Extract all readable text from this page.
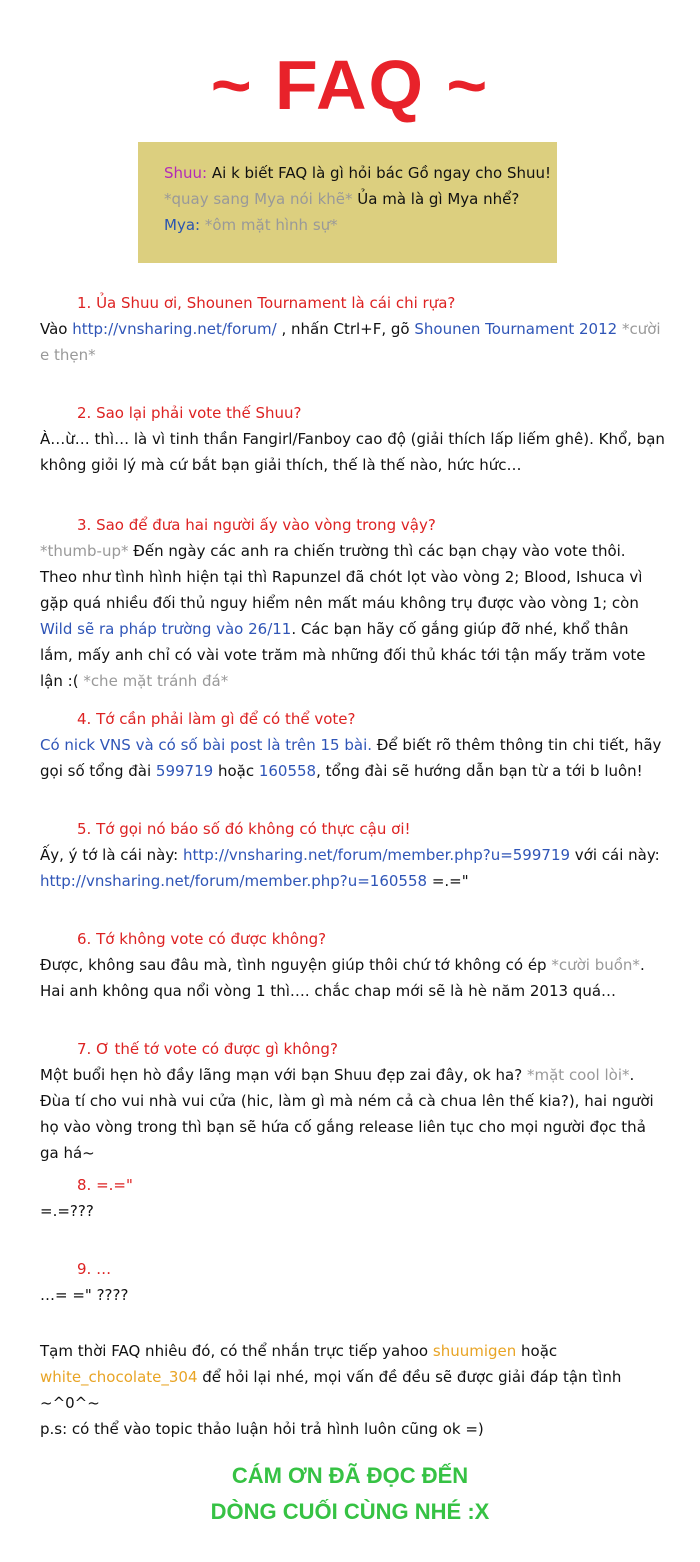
~ FAQ ~

Shuu: Ai k biết FAQ là gì hỏi bác Gồ ngay cho Shuu!

*quay sang Mya nói khẽ* Ủa mà là gì Mya nhể?

Mya: *ôm mặt hình sự*

1. Ủa Shuu ơi, Shounen Tournament là cái chi rựa?

Vào http://vnsharing.net/forum/ , nhấn Ctrl+F, gõ Shounen Tournament 2012 *cười e thẹn*

2. Sao lại phải vote thế Shuu?

À…ừ… thì… là vì tinh thần Fangirl/Fanboy cao độ (giải thích lấp liếm ghê). Khổ, bạn không giỏi lý mà cứ bắt bạn giải thích, thế là thế nào, hức hức…

3. Sao để đưa hai người ấy vào vòng trong vậy?

*thumb-up* Đến ngày các anh ra chiến trường thì các bạn chạy vào vote thôi. Theo như tình hình hiện tại thì Rapunzel đã chót lọt vào vòng 2; Blood, Ishuca vì gặp quá nhiều đối thủ nguy hiểm nên mất máu không trụ được vào vòng 1; còn Wild sẽ ra pháp trường vào 26/11. Các bạn hãy cố gắng giúp đỡ nhé, khổ thân lắm, mấy anh chỉ có vài vote trăm mà những đối thủ khác tới tận mấy trăm vote lận :( *che mặt tránh đá*

4. Tớ cần phải làm gì để có thể vote?

Có nick VNS và có số bài post là trên 15 bài. Để biết rõ thêm thông tin chi tiết, hãy gọi số tổng đài 599719 hoặc 160558, tổng đài sẽ hướng dẫn bạn từ a tới b luôn!

5. Tớ gọi nó báo số đó không có thực cậu ơi!

Ấy, ý tớ là cái này: http://vnsharing.net/forum/member.php?u=599719 với cái này: http://vnsharing.net/forum/member.php?u=160558 =.="

6. Tớ không vote có được không?

Được, không sau đâu mà, tình nguyện giúp thôi chứ tớ không có ép *cười buồn*. Hai anh không qua nổi vòng 1 thì…. chắc chap mới sẽ là hè năm 2013 quá…

7. Ơ thế tớ vote có được gì không?

Một buổi hẹn hò đầy lãng mạn với bạn Shuu đẹp zai đây, ok ha? *mặt cool lòi*. Đùa tí cho vui nhà vui cửa (hic, làm gì mà ném cả cà chua lên thế kia?), hai người họ vào vòng trong thì bạn sẽ hứa cố gắng release liên tục cho mọi người đọc thả ga há~

8. =.="

=.=???

9. …

…= =" ????

Tạm thời FAQ nhiêu đó, có thể nhắn trực tiếp yahoo shuumigen hoặc white_chocolate_304 để hỏi lại nhé, mọi vấn đề đều sẽ được giải đáp tận tình ~^0^~

p.s: có thể vào topic thảo luận hỏi trả hình luôn cũng ok =)

CÁM ƠN ĐÃ ĐỌC ĐẾN

DÒNG CUỐI CÙNG NHÉ :X
